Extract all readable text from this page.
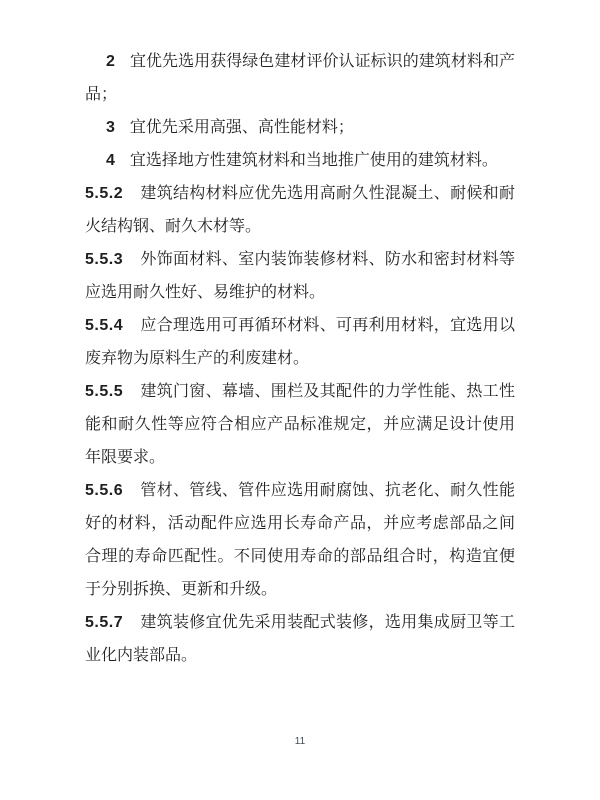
2 宜优先选用获得绿色建材评价认证标识的建筑材料和产品；

3 宜优先采用高强、高性能材料；

4 宜选择地方性建筑材料和当地推广使用的建筑材料。

5.5.2 建筑结构材料应优先选用高耐久性混凝土、耐候和耐火结构钢、耐久木材等。

5.5.3 外饰面材料、室内装饰装修材料、防水和密封材料等应选用耐久性好、易维护的材料。

5.5.4 应合理选用可再循环材料、可再利用材料，宜选用以废弃物为原料生产的利废建材。

5.5.5 建筑门窗、幕墙、围栏及其配件的力学性能、热工性能和耐久性等应符合相应产品标准规定，并应满足设计使用年限要求。

5.5.6 管材、管线、管件应选用耐腐蚀、抗老化、耐久性能好的材料，活动配件应选用长寿命产品，并应考虑部品之间合理的寿命匹配性。不同使用寿命的部品组合时，构造宜便于分别拆换、更新和升级。

5.5.7 建筑装修宜优先采用装配式装修，选用集成厨卫等工业化内装部品。

11
